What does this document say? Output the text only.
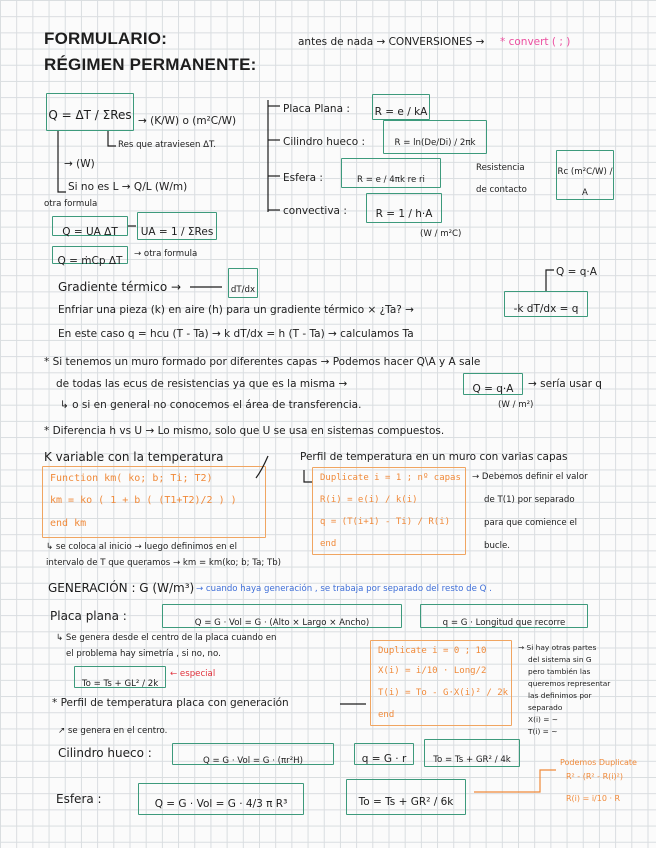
FORMULARIO:
RÉGIMEN PERMANENTE:
antes de nada → CONVERSIONES → * convert ( ; )
Q = ΔT / ΣRes → (K/W) o (m²C/W)
Res que atraviesen ΔT.
→ (W)
Si no es L → Q/L (W/m)
otra formula
Q = UA ΔT	UA = 1 / ΣRes
Q = ṁCp ΔT
→ otra formula
Placa Plana : R = e / kA
Cilindro hueco :	R = ln(De/Di) / 2πk
Esfera :	R = e / 4πk re ri
convectiva :	R = 1 / h·A
(W / m²C)
Resistencia
de contacto
Rc (m²C/W) / A
Gradiente térmico →	dT/dx
Q = q·A
-k dT/dx = q
Enfriar una pieza (k) en aire (h) para un gradiente térmico × ¿Ta? →
En este caso q = hcu (T - Ta) → k dT/dx = h (T - Ta) → calculamos Ta
* Si tenemos un muro formado por diferentes capas → Podemos hacer Q\A y A sale
de todas las ecus de resistencias ya que es la misma →	Q = q·A	→ sería usar q
↳ o si en general no conocemos el área de transferencia.	(W / m²)
* Diferencia h vs U → Lo mismo, solo que U se usa en sistemas compuestos.
K variable con la temperatura
Function km( ko; b; Ti; T2)
km = ko ( 1 + b ( (T1+T2)/2 ) )
end km
↳ se coloca al inicio → luego definimos en el
intervalo de T que queramos → km = km(ko; b; Ta; Tb)
Perfil de temperatura en un muro con varias capas
Duplicate i = 1 ; nº capas
R(i) = e(i) / k(i)
q = (T(i+1) - Ti) / R(i)
end
→ Debemos definir el valor
de T(1) por separado
para que comience el
bucle.
GENERACIÓN : G (W/m³) → cuando haya generación , se trabaja por separado del resto de Q .
Placa plana :	Q = G · Vol = G · (Alto × Largo × Ancho)	q = G · Longitud que recorre
↳ Se genera desde el centro de la placa cuando en
el problema hay simetría , si no, no.
To = Ts + GL² / 2k
← especial
* Perfil de temperatura placa con generación
Duplicate i = 0 ; 10
X(i) = i/10 · Long/2
T(i) = To - G·X(i)² / 2k
end
→ Si hay otras partes
del sistema sin G
pero también las
queremos representar
las definimos por
separado
X(i) = ~
T(i) = ~
↗ se genera en el centro.
Cilindro hueco :
Q = G · Vol = G · (πr²H)	q = G · r	To = Ts + GR² / 4k	Podemos Duplicate
R² - (R² - R(i)²)
R(i) = i/10 · R
Esfera :	Q = G · Vol = G · 4/3 π R³	To = Ts + GR² / 6k
